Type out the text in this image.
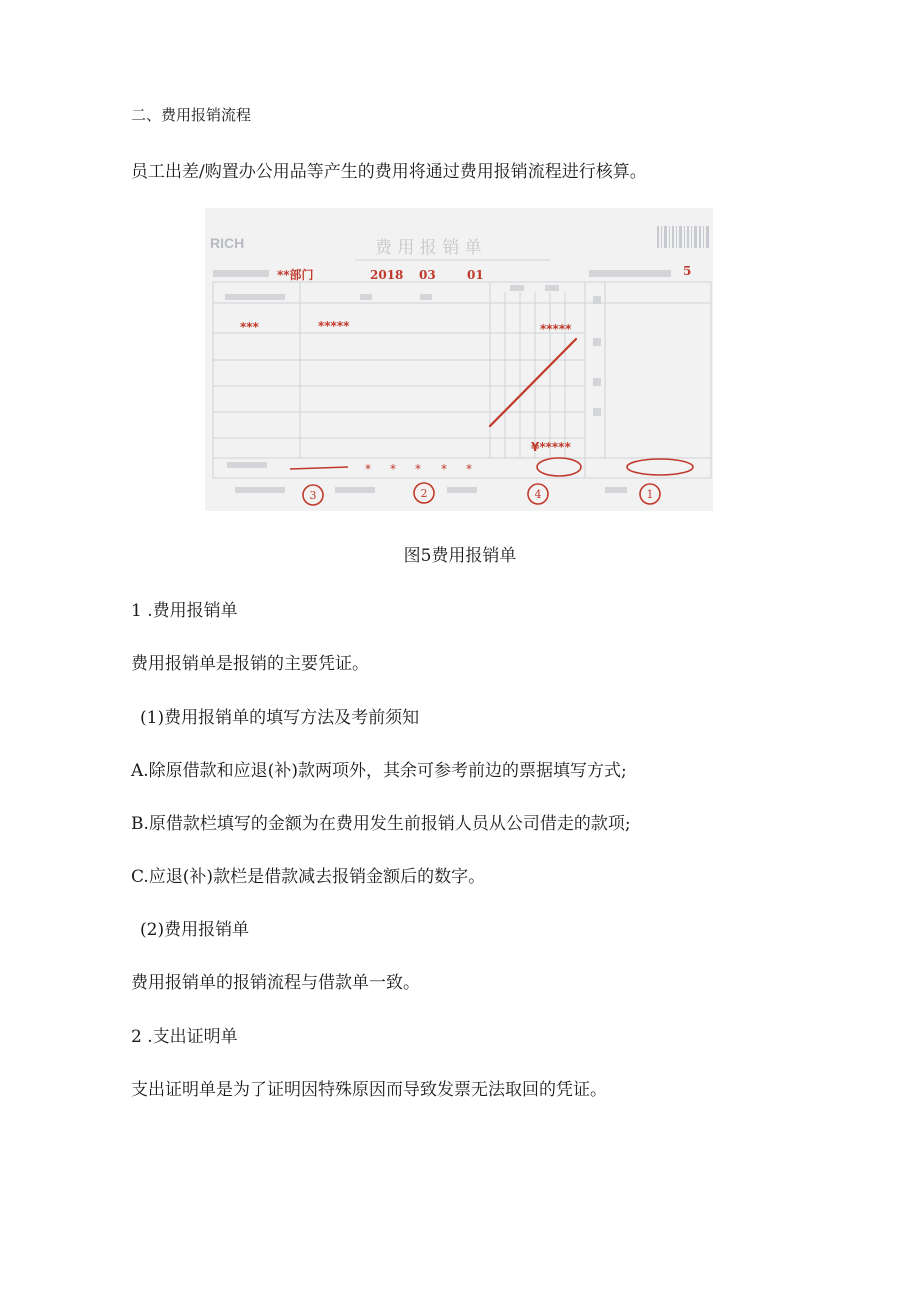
二、费用报销流程
员工出差/购置办公用品等产生的费用将通过费用报销流程进行核算。
RICH	费 用 报 销 单
**部门	2018 03	01	5
***	*****	*****
¥*****
* * * * *
3	2	4	1
图5费用报销单
1 .费用报销单
费用报销单是报销的主要凭证。
(1)费用报销单的填写方法及考前须知
A.除原借款和应退(补)款两项外，其余可参考前边的票据填写方式;
B.原借款栏填写的金额为在费用发生前报销人员从公司借走的款项;
C.应退(补)款栏是借款减去报销金额后的数字。
(2)费用报销单
费用报销单的报销流程与借款单一致。
2 .支出证明单
支出证明单是为了证明因特殊原因而导致发票无法取回的凭证。
